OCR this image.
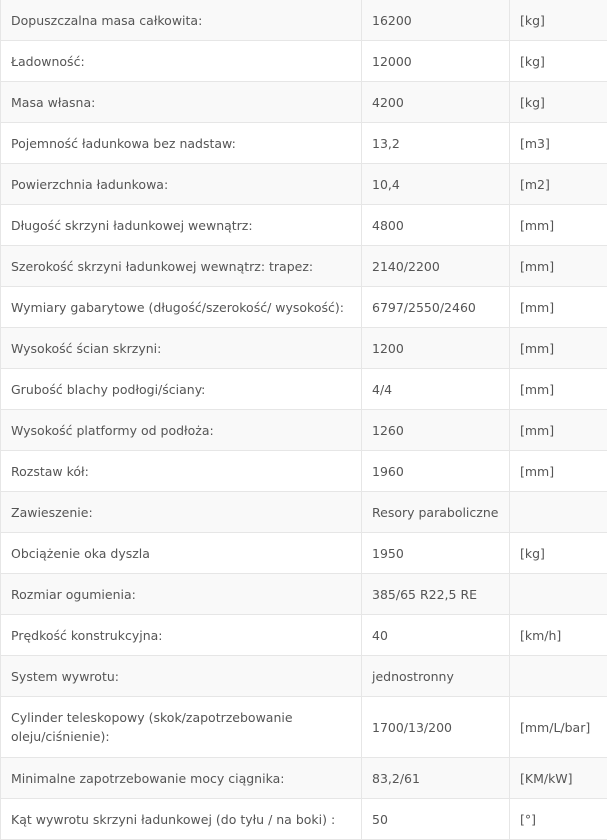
Dopuszczalna masa całkowita:	16200	[kg]
Ładowność:	12000	[kg]
Masa własna:	4200	[kg]
Pojemność ładunkowa bez nadstaw:	13,2	[m3]
Powierzchnia ładunkowa:	10,4	[m2]
Długość skrzyni ładunkowej wewnątrz:	4800	[mm]
Szerokość skrzyni ładunkowej wewnątrz: trapez:	2140/2200	[mm]
Wymiary gabarytowe (długość/szerokość/ wysokość):	6797/2550/2460	[mm]
Wysokość ścian skrzyni:	1200	[mm]
Grubość blachy podłogi/ściany:	4/4	[mm]
Wysokość platformy od podłoża:	1260	[mm]
Rozstaw kół:	1960	[mm]
Zawieszenie:	Resory paraboliczne	
Obciążenie oka dyszla	1950	[kg]
Rozmiar ogumienia:	385/65 R22,5 RE	
Prędkość konstrukcyjna:	40	[km/h]
System wywrotu:	jednostronny	
Cylinder teleskopowy (skok/zapotrzebowanie oleju/ciśnienie):	1700/13/200	[mm/L/bar]
Minimalne zapotrzebowanie mocy ciągnika:	83,2/61	[KM/kW]
Kąt wywrotu skrzyni ładunkowej (do tyłu / na boki) :	50	[°]
